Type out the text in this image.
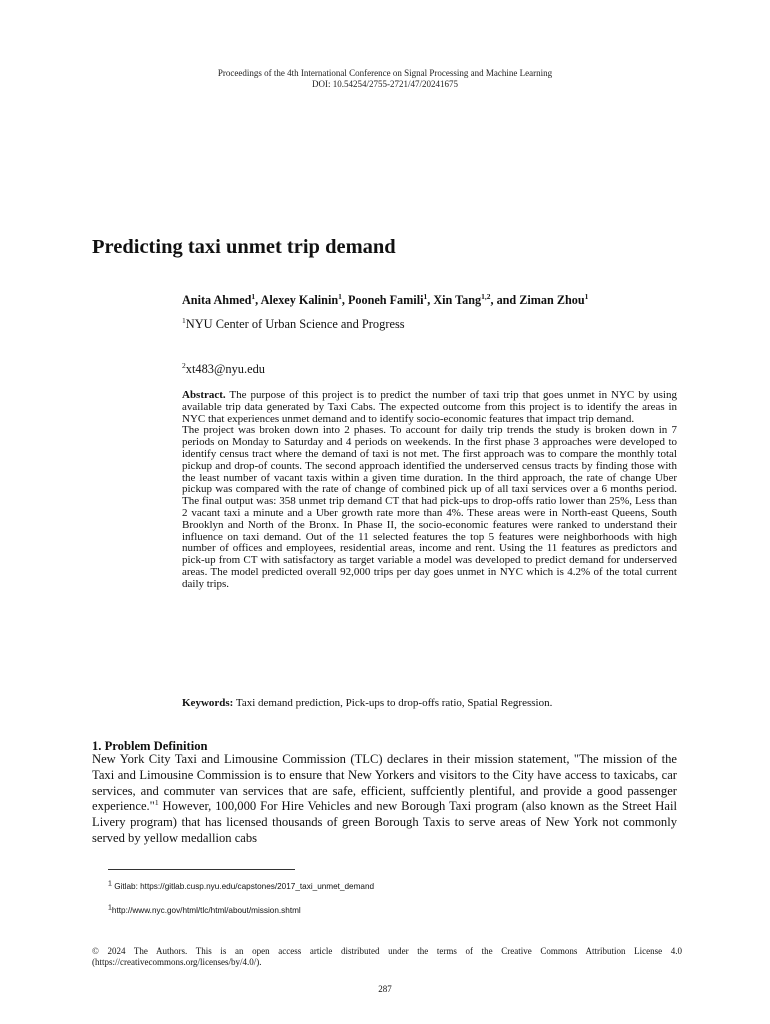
Proceedings of the 4th International Conference on Signal Processing and Machine Learning
DOI: 10.54254/2755-2721/47/20241675
Predicting taxi unmet trip demand
Anita Ahmed$^1$, Alexey Kalinin$^1$, Pooneh Famili$^1$, Xin Tang$^{1,2}$, and Ziman Zhou$^1$
$^1$NYU Center of Urban Science and Progress
$^2$xt483@nyu.edu

Abstract. The purpose of this project is to predict the number of taxi trip that goes unmet in NYC by using available trip data generated by Taxi Cabs. The expected outcome from this project is to identify the areas in NYC that experiences unmet demand and to identify socio-economic features that impact trip demand.

The project was broken down into 2 phases. To account for daily trip trends the study is broken down in 7 periods on Monday to Saturday and 4 periods on weekends. In the first phase 3 approaches were developed to identify census tract where the demand of taxi is not met. The first approach was to compare the monthly total pickup and drop-of counts. The second approach identified the underserved census tracts by finding those with the least number of vacant taxis within a given time duration. In the third approach, the rate of change Uber pickup was compared with the rate of change of combined pick up of all taxi services over a 6 months period. The final output was: 358 unmet trip demand CT that had pick-ups to drop-offs ratio lower than 25%, Less than 2 vacant taxi a minute and a Uber growth rate more than 4%. These areas were in North-east Queens, South Brooklyn and North of the Bronx. In Phase II, the socio-economic features were ranked to understand their influence on taxi demand. Out of the 11 selected features the top 5 features were neighborhoods with high number of offices and employees, residential areas, income and rent. Using the 11 features as predictors and pick-up from CT with satisfactory as target variable a model was developed to predict demand for underserved areas. The model predicted overall 92,000 trips per day goes unmet in NYC which is 4.2% of the total current daily trips.

Keywords: Taxi demand prediction, Pick-ups to drop-offs ratio, Spatial Regression.
1. Problem Definition
New York City Taxi and Limousine Commission (TLC) declares in their mission statement, "The mission of the Taxi and Limousine Commission is to ensure that New Yorkers and visitors to the City have access to taxicabs, car services, and commuter van services that are safe, efficient, suffciently plentiful, and provide a good passenger experience."$^1$ However, 100,000 For Hire Vehicles and new Borough Taxi program (also known as the Street Hail Livery program) that has licensed thousands of green Borough Taxis to serve areas of New York not commonly served by yellow medallion cabs
$^1$ Gitlab: https://gitlab.cusp.nyu.edu/capstones/2017_taxi_unmet_demand
$^1$http://www.nyc.gov/html/tlc/html/about/mission.shtml
© 2024 The Authors. This is an open access article distributed under the terms of the Creative Commons Attribution License 4.0 (https://creativecommons.org/licenses/by/4.0/).
287
